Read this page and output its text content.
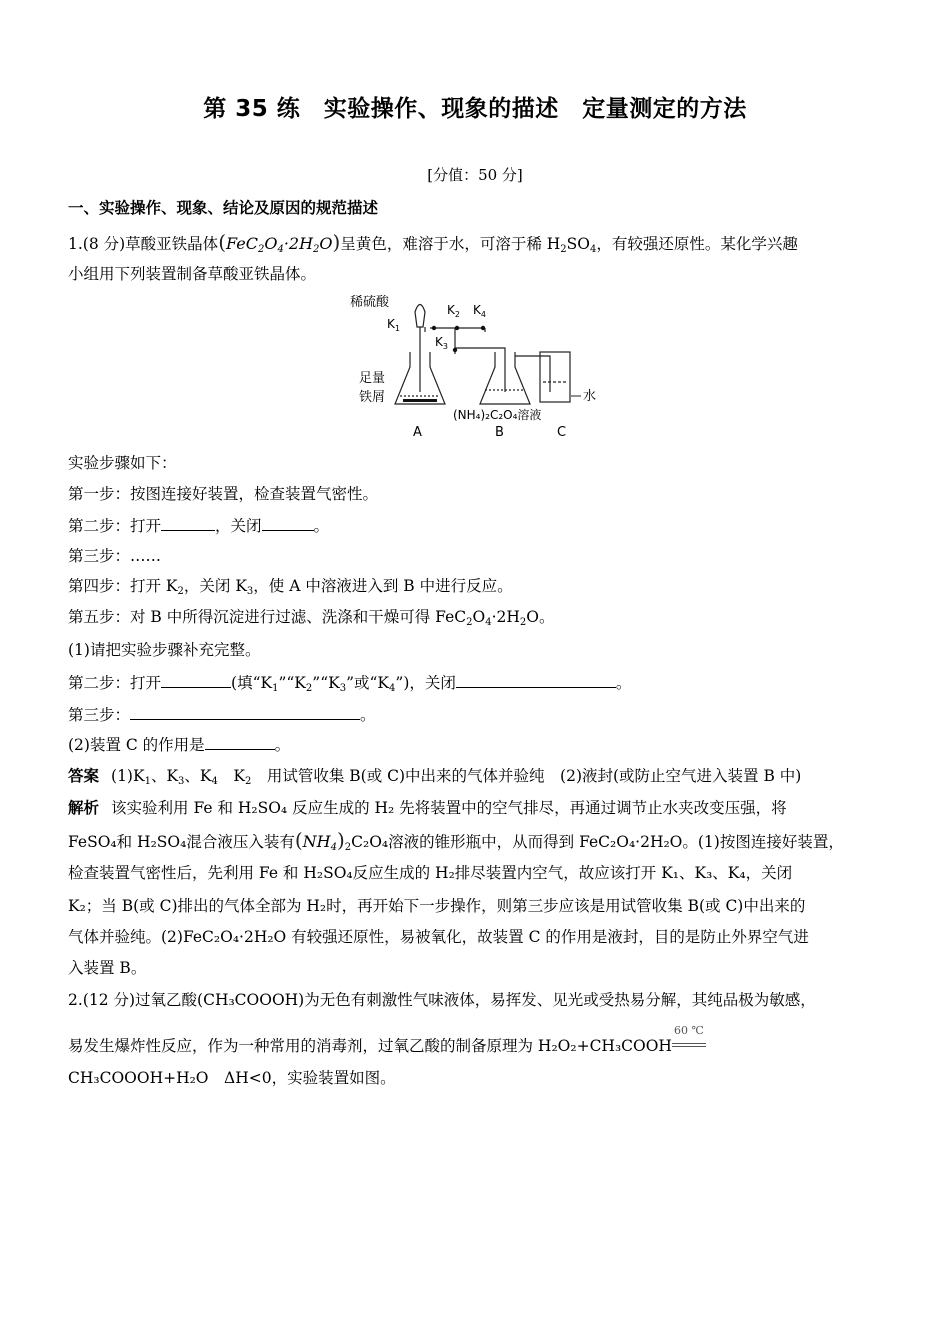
第 35 练　实验操作、现象的描述　定量测定的方法
[分值：50 分]
一、实验操作、现象、结论及原因的规范描述
1.(8 分)草酸亚铁晶体$(FeC_2O_4\cdot 2H_2O)$呈黄色，难溶于水，可溶于稀 $H_2SO_4$，有较强还原性。某化学兴趣
小组用下列装置制备草酸亚铁晶体。
稀硫酸
$K_1$
$K_2$ $K_4$
$K_3$
足量
铁屑
(NH₄)₂C₂O₄溶液
水
A	B	C
实验步骤如下：
第一步：按图连接好装置，检查装置气密性。
第二步：打开	，关闭	。
第三步：……
第四步：打开 $K_2$，关闭 $K_3$，使 A 中溶液进入到 B 中进行反应。
第五步：对 B 中所得沉淀进行过滤、洗涤和干燥可得 $FeC_2O_4\cdot 2H_2O$。
(1)请把实验步骤补充完整。
第二步：打开	(填“$K_1”“K_2”“K_3$”或“$K_4$”)，关闭	。
第三步：	。
(2)装置 C 的作用是	。
答案 $(1)K_1$、$K_3$、$K_4$　$K_2$　用试管收集 B(或 C)中出来的气体并验纯　(2)液封(或防止空气进入装置 B 中)
解析 该实验利用 Fe 和 H₂SO₄ 反应生成的 H₂ 先将装置中的空气排尽，再通过调节止水夹改变压强，将
FeSO₄和 H₂SO₄混合液压入装有$(NH_4)_2C_2O_4$溶液的锥形瓶中，从而得到 FeC₂O₄·2H₂O。(1)按图连接好装置，
检查装置气密性后，先利用 Fe 和 H₂SO₄反应生成的 H₂排尽装置内空气，故应该打开 K₁、K₃、K₄，关闭
K₂；当 B(或 C)排出的气体全部为 H₂时，再开始下一步操作，则第三步应该是用试管收集 B(或 C)中出来的
气体并验纯。(2)FeC₂O₄·2H₂O 有较强还原性，易被氧化，故装置 C 的作用是液封，目的是防止外界空气进
入装置 B。
2.(12 分)过氧乙酸(CH₃COOOH)为无色有刺激性气味液体，易挥发、见光或受热易分解，其纯品极为敏感，
易发生爆炸性反应，作为一种常用的消毒剂，过氧乙酸的制备原理为 H₂O₂+CH₃COOH
60 ℃
CH₃COOOH+H₂O　ΔH<0，实验装置如图。
